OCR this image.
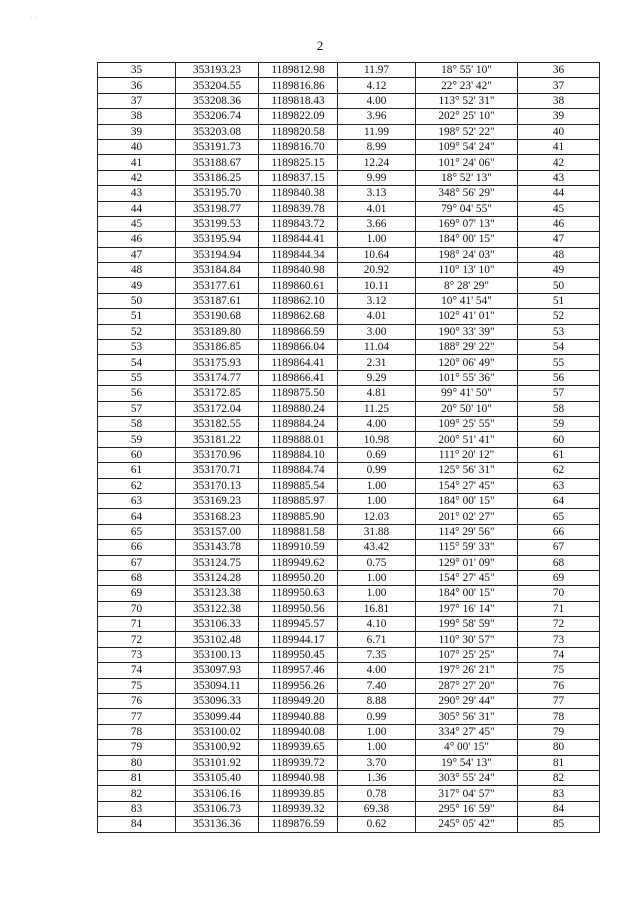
· ·
2
35	353193.23	1189812.98	11.97	18° 55' 10"	36
36	353204.55	1189816.86	4.12	22° 23' 42"	37
37	353208.36	1189818.43	4.00	113° 52' 31"	38
38	353206.74	1189822.09	3.96	202° 25' 10"	39
39	353203.08	1189820.58	11.99	198° 52' 22"	40
40	353191.73	1189816.70	8.99	109° 54' 24"	41
41	353188.67	1189825.15	12.24	101° 24' 06"	42
42	353186.25	1189837.15	9.99	18° 52' 13"	43
43	353195.70	1189840.38	3.13	348° 56' 29"	44
44	353198.77	1189839.78	4.01	79° 04' 55"	45
45	353199.53	1189843.72	3.66	169° 07' 13"	46
46	353195.94	1189844.41	1.00	184° 00' 15"	47
47	353194.94	1189844.34	10.64	198° 24' 03"	48
48	353184.84	1189840.98	20.92	110° 13' 10"	49
49	353177.61	1189860.61	10.11	8° 28' 29"	50
50	353187.61	1189862.10	3.12	10° 41' 54"	51
51	353190.68	1189862.68	4.01	102° 41' 01"	52
52	353189.80	1189866.59	3.00	190° 33' 39"	53
53	353186.85	1189866.04	11.04	188° 29' 22"	54
54	353175.93	1189864.41	2.31	120° 06' 49"	55
55	353174.77	1189866.41	9.29	101° 55' 36"	56
56	353172.85	1189875.50	4.81	99° 41' 50"	57
57	353172.04	1189880.24	11.25	20° 50' 10"	58
58	353182.55	1189884.24	4.00	109° 25' 55"	59
59	353181.22	1189888.01	10.98	200° 51' 41"	60
60	353170.96	1189884.10	0.69	111° 20' 12"	61
61	353170.71	1189884.74	0.99	125° 56' 31"	62
62	353170.13	1189885.54	1.00	154° 27' 45"	63
63	353169.23	1189885.97	1.00	184° 00' 15"	64
64	353168.23	1189885.90	12.03	201° 02' 27"	65
65	353157.00	1189881.58	31.88	114° 29' 56"	66
66	353143.78	1189910.59	43.42	115° 59' 33"	67
67	353124.75	1189949.62	0.75	129° 01' 09"	68
68	353124.28	1189950.20	1.00	154° 27' 45"	69
69	353123.38	1189950.63	1.00	184° 00' 15"	70
70	353122.38	1189950.56	16.81	197° 16' 14"	71
71	353106.33	1189945.57	4.10	199° 58' 59"	72
72	353102.48	1189944.17	6.71	110° 30' 57"	73
73	353100.13	1189950.45	7.35	107° 25' 25"	74
74	353097.93	1189957.46	4.00	197° 26' 21"	75
75	353094.11	1189956.26	7.40	287° 27' 20"	76
76	353096.33	1189949.20	8.88	290° 29' 44"	77
77	353099.44	1189940.88	0.99	305° 56' 31"	78
78	353100.02	1189940.08	1.00	334° 27' 45"	79
79	353100.92	1189939.65	1.00	4° 00' 15"	80
80	353101.92	1189939.72	3.70	19° 54' 13"	81
81	353105.40	1189940.98	1.36	303° 55' 24"	82
82	353106.16	1189939.85	0.78	317° 04' 57"	83
83	353106.73	1189939.32	69.38	295° 16' 59"	84
84	353136.36	1189876.59	0.62	245° 05' 42"	85
